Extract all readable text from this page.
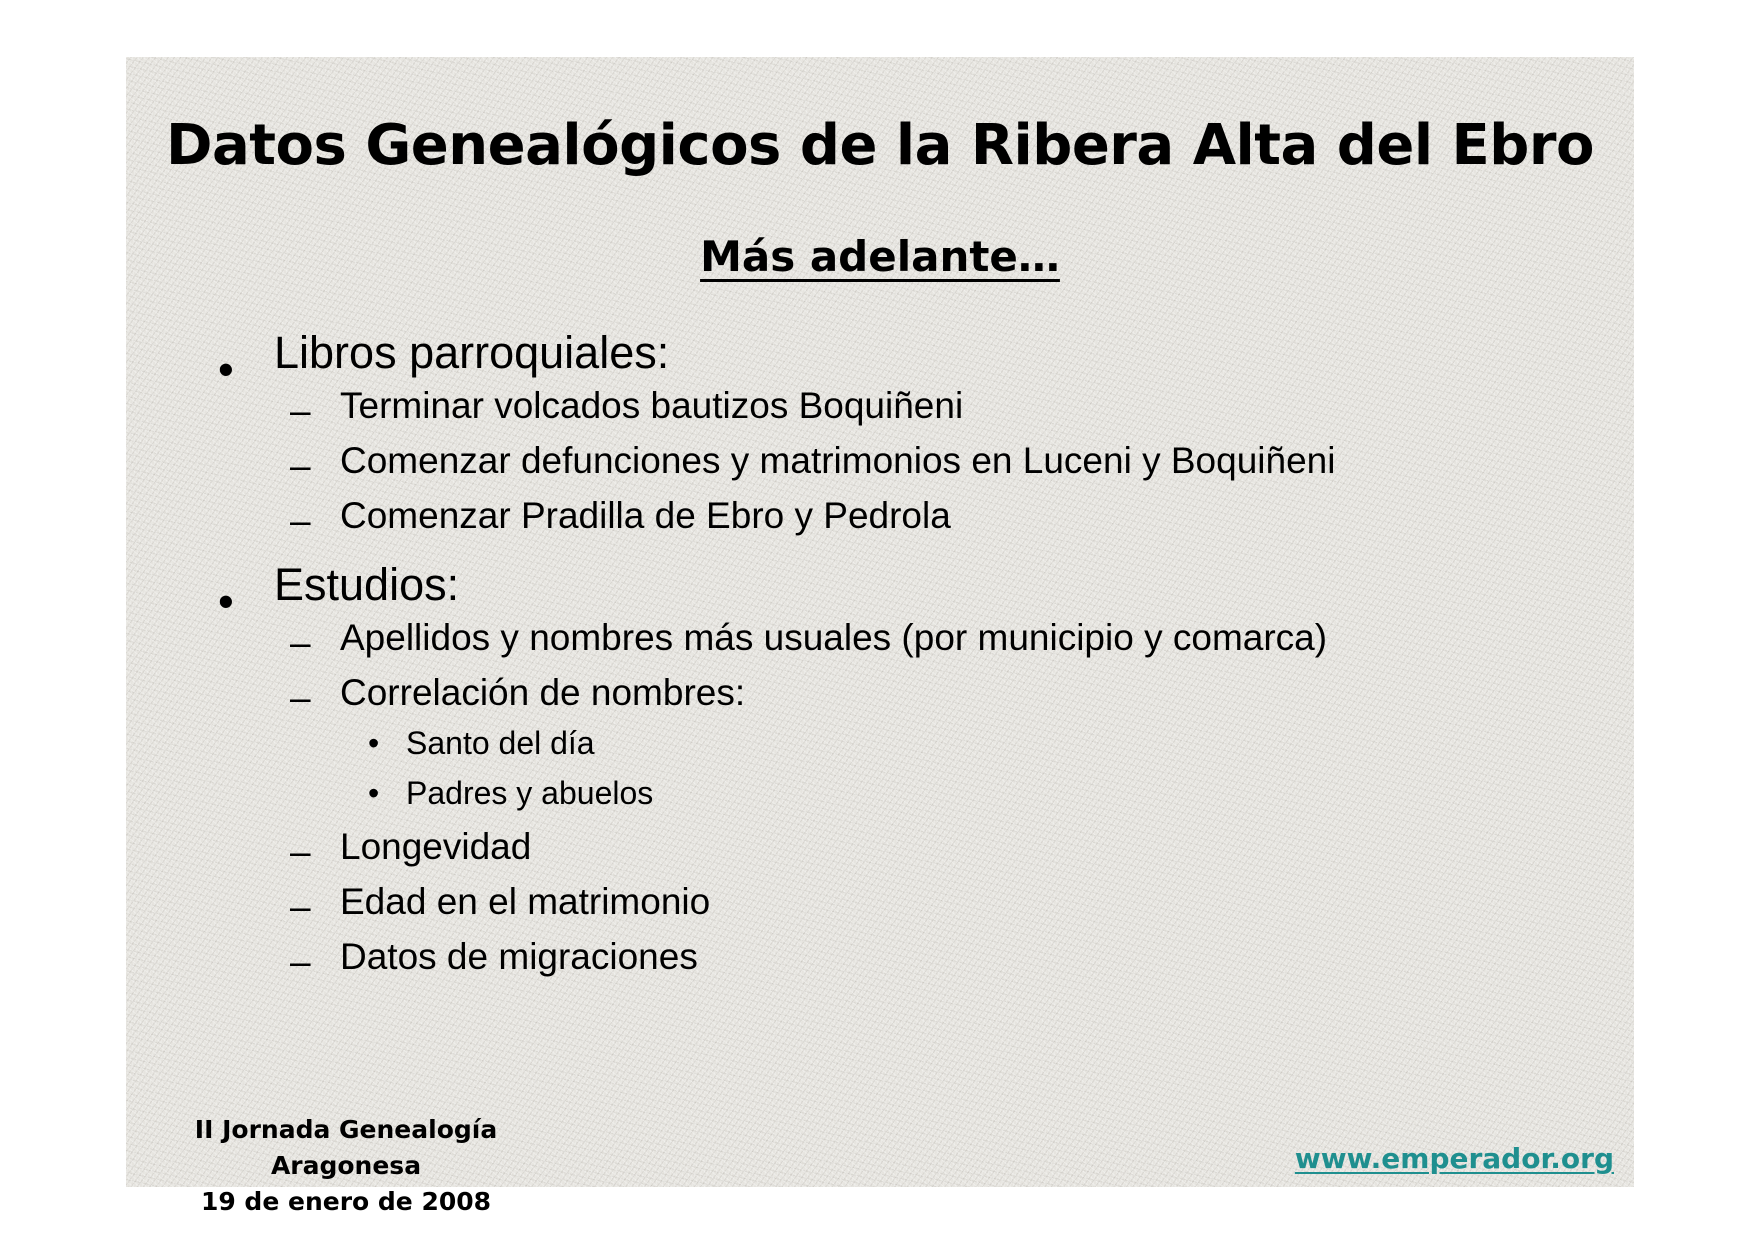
Datos Genealógicos de la Ribera Alta del Ebro
Más adelante…
• Libros parroquiales:
– Terminar volcados bautizos Boquiñeni
– Comenzar defunciones y matrimonios en Luceni y Boquiñeni
– Comenzar Pradilla de Ebro y Pedrola
• Estudios:
– Apellidos y nombres más usuales (por municipio y comarca)
– Correlación de nombres:
• Santo del día
• Padres y abuelos
– Longevidad
– Edad en el matrimonio
– Datos de migraciones
II Jornada Genealogía Aragonesa
19 de enero de 2008
www.emperador.org
